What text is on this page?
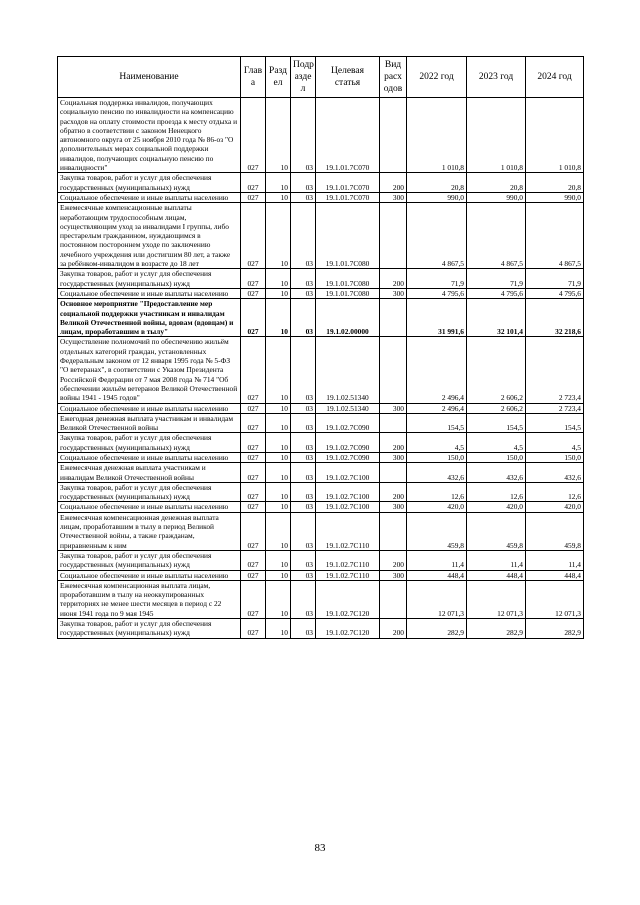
Наименование	Глав а	Разд ел	Подр азде л	Целевая статья	Вид расх одов	2022 год	2023 год	2024 год
Социальная поддержка инвалидов, получающих социальную пенсию по инвалидности на компенсацию расходов на оплату стоимости проезда к месту отдыха и обратно в соответствии с законом Ненецкого автономного округа от 25 ноября 2010 года № 86-оз "О дополнительных мерах социальной поддержки инвалидов, получающих социальную пенсию по инвалидности"	027	10	03	19.1.01.7С070		1 010,8	1 010,8	1 010,8
Закупка товаров, работ и услуг для обеспечения государственных (муниципальных) нужд	027	10	03	19.1.01.7С070	200	20,8	20,8	20,8
Социальное обеспечение и иные выплаты населению	027	10	03	19.1.01.7С070	300	990,0	990,0	990,0
Ежемесячные компенсационные выплаты неработающим трудоспособным лицам, осуществляющим уход за инвалидами I группы, либо престарелым гражданином, нуждающимся в постоянном постороннем уходе по заключению лечебного учреждения или достигшим 80 лет, а также за ребёнком-инвалидом в возрасте до 18 лет	027	10	03	19.1.01.7С080		4 867,5	4 867,5	4 867,5
Закупка товаров, работ и услуг для обеспечения государственных (муниципальных) нужд	027	10	03	19.1.01.7С080	200	71,9	71,9	71,9
Социальное обеспечение и иные выплаты населению	027	10	03	19.1.01.7С080	300	4 795,6	4 795,6	4 795,6
Основное мероприятие "Предоставление мер социальной поддержки участникам и инвалидам Великой Отечественной войны, вдовам (вдовцам) и лицам, проработавшим в тылу"	027	10	03	19.1.02.00000		31 991,6	32 101,4	32 218,6
Осуществление полномочий по обеспечению жильём отдельных категорий граждан, установленных Федеральным законом от 12 января 1995 года № 5-ФЗ "О ветеранах", в соответствии с Указом Президента Российской Федерации от 7 мая 2008 года № 714 "Об обеспечении жильём ветеранов Великой Отечественной войны 1941 - 1945 годов"	027	10	03	19.1.02.51340		2 496,4	2 606,2	2 723,4
Социальное обеспечение и иные выплаты населению	027	10	03	19.1.02.51340	300	2 496,4	2 606,2	2 723,4
Ежегодная денежная выплата участникам и инвалидам Великой Отечественной войны	027	10	03	19.1.02.7С090		154,5	154,5	154,5
Закупка товаров, работ и услуг для обеспечения государственных (муниципальных) нужд	027	10	03	19.1.02.7С090	200	4,5	4,5	4,5
Социальное обеспечение и иные выплаты населению	027	10	03	19.1.02.7С090	300	150,0	150,0	150,0
Ежемесячная денежная выплата участникам и инвалидам Великой Отечественной войны	027	10	03	19.1.02.7С100		432,6	432,6	432,6
Закупка товаров, работ и услуг для обеспечения государственных (муниципальных) нужд	027	10	03	19.1.02.7С100	200	12,6	12,6	12,6
Социальное обеспечение и иные выплаты населению	027	10	03	19.1.02.7С100	300	420,0	420,0	420,0
Ежемесячная компенсационная денежная выплата лицам, проработавшим в тылу в период Великой Отечественной войны, а также гражданам, приравненным к ним	027	10	03	19.1.02.7С110		459,8	459,8	459,8
Закупка товаров, работ и услуг для обеспечения государственных (муниципальных) нужд	027	10	03	19.1.02.7С110	200	11,4	11,4	11,4
Социальное обеспечение и иные выплаты населению	027	10	03	19.1.02.7С110	300	448,4	448,4	448,4
Ежемесячная компенсационная выплата лицам, проработавшим в тылу на неоккупированных территориях не менее шести месяцев в период с 22 июня 1941 года по 9 мая 1945	027	10	03	19.1.02.7С120		12 071,3	12 071,3	12 071,3
Закупка товаров, работ и услуг для обеспечения государственных (муниципальных) нужд	027	10	03	19.1.02.7С120	200	282,9	282,9	282,9
83
